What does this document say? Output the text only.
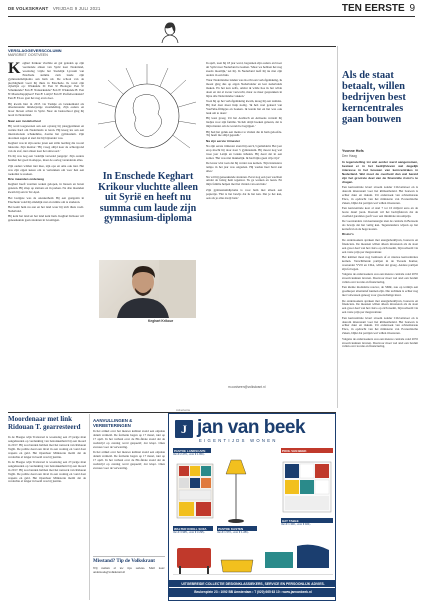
DE VOLKSKRANT VRIJDAG 9 JULI 2021	TEN EERSTE 9
VERSLAGGEVERSCOLUMN
MARGRIET OOSTVEEN
K eghart Krikour vluchtte en gaf geleden op zijn veertiende alleen van Syrië naar Nederland, woensdag vrijde het Stedelijk Lyceum van Enschede summa cum laude zijn gymnasiumdiploma aan hem uit. De school van de plechtigheid voert hij thuis in Enschede. Ik vond zijn cijferlijst op: Wiskunde D: Een 9! Biologie: Een 9! Scheikunde? Een 8! Natuurkunde? Een 8! Wiskunde B: Een 8! Maatschappijleer? Een 8! Latijn? Een 8! Profielwerkstuk? Een 8! En zo gaat het nog even door.

Hij kwam hier in 2015 via Turkije en Griekenland als alleenstaande minderjarige vreemdeling. Zijn ouders en broer bleven achter in Syrië. Naar de basisschool ging hij nooit in Nederland.

Naar een modelschool

Hij werd toegewezen aan een opvang bij pleeggezinnen en werkte hard om Nederlands te leren. Hij kreeg les aan een internationale schakelklas, daarna het gymnasium. Zijn docenten zagen al snel dat hij bijzonder was.

Keghart was in zijn eerste jaren een stille leerling die vooral luisterde. Zijn mentor: 'Hij vroeg altijd naar de achtergrond van de stof, niet alleen naar het antwoord.'

En hij was nog een 'redelijk verwend jongetje'. Zijn ouders hadden het goed in Aleppo, maar de oorlog veranderde alles.

Zijn ouders wilden niet mee, zijn opa en oma ook niet. Het was zijn eigen keuze om te vertrekken om voor hen een toekomst te zoeken.

Drie maanden onderweg

Keghart heeft veertien weken gelopen, in bussen en boten gezeten. Hij sliep op stations en in parken. Na drie maanden kwam hij aan in Ter Apel.

Het lastigste was de onzekerheid. Bij een gastgezin in Enschede vond hij eindelijk rust en ruimte om te studeren.

Het komt hem nu aan en het land waar hij zich thuis voelt. Nederland.

Hij kent het land en het land kent hem. Keghart Krikour wil geneeskunde gaan studeren in Groningen.

In Enschede Keghart Krikour vluchtte alleen uit Syrië en heeft nu summa cum laude zijn gymnasium-diploma
Keghart Krikour

In april, toen hij 18 jaar werd, begonnen zijn ouders en broer uit Syrië naar Nederland te komen. 'Maar we hebben het nog steeds moeilijk,' zei hij. In Nederland leeft hij nu met zijn ouders in een huis.

'Naar Nederlandse landen was ik echt een verlofgemaking, ik moest ging dus op eigen Nederlander en leer nederlands maken. En het kon zelfs, omdat ik wilde hoe ik het wilde doen en dat al zwaar verwacht, maar ze meer gesprekken in bijna alle Nederlandse vakken.'

Toen hij op het verlofgemaking kwam, kreeg hij een taalklas. Hij had daar meer hulp nodig. 'Ik heb veel geleerd van YouTube-filmpjes en boeken. Ik leerde het en het was ook leuk om te doen.'

Hij leest graag. Uit het Arabisch en Armeens vertaalt hij liedjes voor zijn familie. 'Ik heb altijd boeken gelezen, dat is mijn manier om de wereld te begrijpen.'

Hij had het geluk een mentor te vinden die in hem geloofde. 'Zij heeft me altijd gepusht.'

Na zijn eerste trimester

Na zijn eerste trimester stond hij een 9,3 gemiddeld. Het jaar erop mocht hij door naar 5 gymnasium. Hij moest nog wel twee jaar Latijn en Grieks inhalen. Hij deed dat in een zomer. 'Het was niet makkelijk. Ik had bijna geen vrije tijd.'

De leraar wist toen dat hij verder zou komen. 'Zijn intensieve tempo in het jaar was ongezien. Hij werkte heel hard aan alles.'

Nu wil hij geneeskunde studeren. Eerst nog een jaar wachten omdat de loting hem tegenzat. 'Ik ga werken en lezen. En mijn familie helpen met het vinden van een huis.'

Zijn gymnasiumdiploma is voor hem niet alleen een papiertje. 'Het is het bewijs dat ik het kan. Dat je het kan, ook als je alles kwijt bent.'

m.oostveen@volkskrant.nl
Als de staat betaalt, willen bedrijven best kerncentrales gaan bouwen
Yvonne Hofs
Den Haag

In tegenstelling tot wat eerder werd aangenomen, bestaat er in het bedrijfsleven wel degelijk interesse in het bouwen van kerncentrales in Nederland. Wel moet de overheid dan wel bereid zijn het grootste deel van de financiële risico's te dragen.

Een kerncentrale levert stroom zonder CO2-uitstoot en is daarom interessant voor het klimaatbeleid. Het bouwen is echter duur en riskant. Uit onderzoek van adviesbureau Enco, in opdracht van het ministerie van Economische Zaken, blijkt dat partijen wel willen investeren.

Een kerncentrale kost al snel 7 tot 10 miljard euro en de bouw duurt jaren. Daarom wil het bedrijfsleven dat de overheid garanties geeft voor een minimale stroomprijs.

De voorstanders van kernenergie zien de centrale in Borssele als bewijs dat het veilig kan. Tegenstanders wijzen op het kernafval en de hoge kosten.

Risico's

De onderzoekers spraken met energiebedrijven, bouwers en financiers. De meesten willen alleen investeren als de staat een groot deel van het risico op zich neemt, bijvoorbeeld via een vaste prijs per megawattuur.

Het kabinet moet nog beslissen of er nieuwe kerncentrales komen. Verschillende partijen in de Tweede Kamer, waaronder VVD en CDA, willen dat graag. Andere partijen zijn fel tegen.

Volgens de onderzoekers zou een nieuwe centrale rond 2035 stroom kunnen leveren. Daarvoor moet wel snel een besluit vallen over locatie en financiering.

Een kleine modulaire reactor, de SMR, zou op termijn een goedkoper alternatief kunnen zijn. Die techniek is echter nog niet volwassen genoeg voor grootschalige inzet.

De onderzoekers spraken met energiebedrijven, bouwers en financiers. De meesten willen alleen investeren als de staat een groot deel van het risico op zich neemt, bijvoorbeeld via een vaste prijs per megawattuur.

Een kerncentrale levert stroom zonder CO2-uitstoot en is daarom interessant voor het klimaatbeleid. Het bouwen is echter duur en riskant. Uit onderzoek van adviesbureau Enco, in opdracht van het ministerie van Economische Zaken, blijkt dat partijen wel willen investeren.

Volgens de onderzoekers zou een nieuwe centrale rond 2035 stroom kunnen leveren. Daarvoor moet wel snel een besluit vallen over locatie en financiering.

Moordenaar met link Ridouan T. gearresteerd

In de Haagse wijk Transvaal is woensdag een 27-jarige man aangehouden op verdenking van betrokkenheid bij een moord in 2017. Hij zou banden hebben met het netwerk van Ridouan Taghi. De politie deed een inval in een woning en vond daar wapens en geld. Het Openbaar Ministerie meldt dat de verdachte al langer in beeld was bij justitie.

In de Haagse wijk Transvaal is woensdag een 27-jarige man aangehouden op verdenking van betrokkenheid bij een moord in 2017. Hij zou banden hebben met het netwerk van Ridouan Taghi. De politie deed een inval in een woning en vond daar wapens en geld. Het Openbaar Ministerie meldt dat de verdachte al langer in beeld was bij justitie.

AANVULLINGEN & VERBETERINGEN

In het artikel over het nieuwe kabinet stond een onjuiste datum vermeld. De formatie begon op 17 maart, niet op 17 april. In het verhaal over de EK-finale stond dat de wedstrijd op zondag werd gespeeld; dat klopt. Onze excuses voor de verwarring.

In het artikel over het nieuwe kabinet stond een onjuiste datum vermeld. De formatie begon op 17 maart, niet op 17 april. In het verhaal over de EK-finale stond dat de wedstrijd op zondag werd gespeeld; dat klopt. Onze excuses voor de verwarring.

Misstand? Tip de Volkskrant

Wij nemen al uw tips serieus. Mail naar: onderzoek@volkskrant.nl

Advertentie
J jan van beek
EIGENTIJDS WONEN
PASTOE LANDSCAPE
Van € 2.276,- voor € 1.860,-
POOL VAN BEEK
WALTER KNOLL SOFA
Van € 3.995,- voor € 3.295,-
PASTOE KASTEN
Van € 1.570,- voor € 1.280,-
HAY TABLE
Van € 1.300,- voor € 920,-
UITGEBREIDE COLLECTIE DESIGNKLASSIEKERS, SERVICE EN PERSOONLIJK ADVIES.
Beukenplein 23 • 1092 BB Amsterdam • T (020) 665 63 10 • www.janvanbeek.nl
